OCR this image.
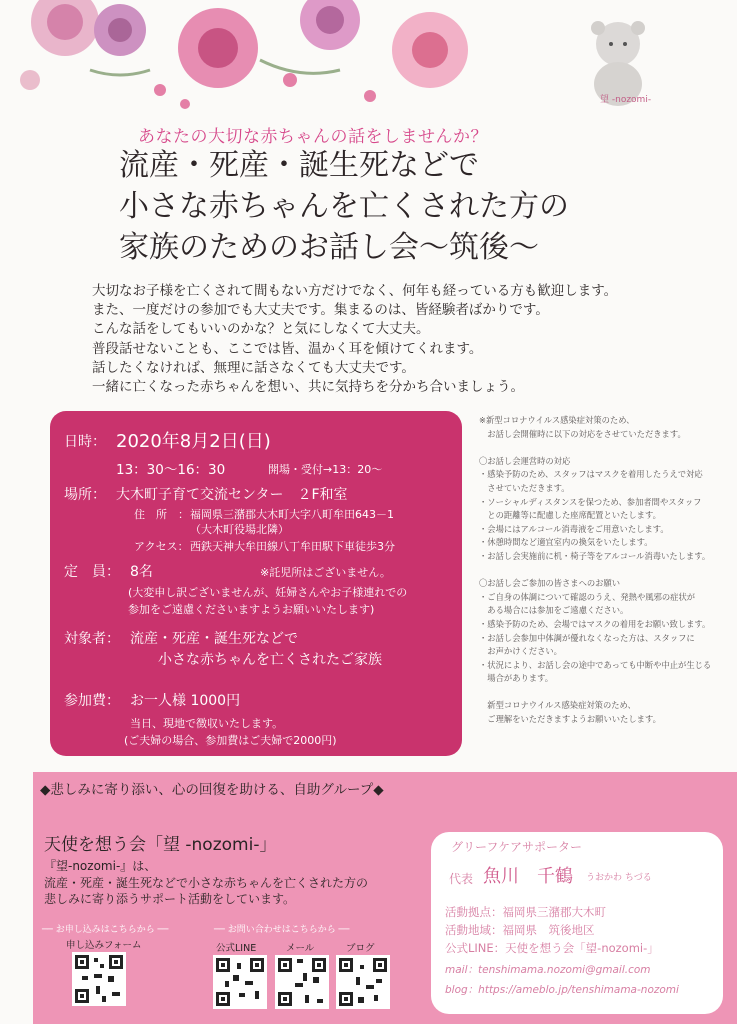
望 -nozomi-
あなたの大切な赤ちゃんの話をしませんか？
流産・死産・誕生死などで
小さな赤ちゃんを亡くされた方の
家族のためのお話し会〜筑後〜
大切なお子様を亡くされて間もない方だけでなく、何年も経っている方も歓迎します。
また、一度だけの参加でも大丈夫です。集まるのは、皆経験者ばかりです。
こんな話をしてもいいのかな？と気にしなくて大丈夫。
普段話せないことも、ここでは皆、温かく耳を傾けてくれます。
話したくなければ、無理に話さなくても大丈夫です。
一緒に亡くなった赤ちゃんを想い、共に気持ちを分かち合いましょう。
日時： 2020年8月2日(日)
13：30〜16：30	開場・受付→13：20〜
場所： 大木町子育て交流センター　２F和室
住　所　： 福岡県三潴郡大木町大字八町牟田643－1
（大木町役場北隣）
アクセス： 西鉄天神大牟田線八丁牟田駅下車徒歩3分
定　員： 8名	※託児所はございません。
(大変申し訳ございませんが、妊婦さんやお子様連れでの
参加をご遠慮くださいますようお願いいたします)
対象者： 流産・死産・誕生死などで
小さな赤ちゃんを亡くされたご家族
参加費： お一人様 1000円
当日、現地で徴収いたします。
(ご夫婦の場合、参加費はご夫婦で2000円)
※新型コロナウイルス感染症対策のため、
　お話し会開催時に以下の対応をさせていただきます。

〇お話し会運営時の対応
・感染予防のため、スタッフはマスクを着用したうえで対応
　させていただきます。
・ソーシャルディスタンスを保つため、参加者間やスタッフ
　との距離等に配慮した座席配置といたします。
・会場にはアルコール消毒液をご用意いたします。
・休憩時間など適宜室内の換気をいたします。
・お話し会実施前に机・椅子等をアルコール消毒いたします。
〇お話し会ご参加の皆さまへのお願い
・ご自身の体調について確認のうえ、発熱や風邪の症状が
　ある場合には参加をご遠慮ください。
・感染予防のため、会場ではマスクの着用をお願い致します。
・お話し会参加中体調が優れなくなった方は、スタッフに
　お声かけください。
・状況により、お話し会の途中であっても中断や中止が生じる
　場合があります。
　新型コロナウイルス感染症対策のため、
　ご理解をいただきますようお願いいたします。
◆悲しみに寄り添い、心の回復を助ける、自助グループ◆
天使を想う会「望 -nozomi-」
『望-nozomi-』は、
流産・死産・誕生死などで小さな赤ちゃんを亡くされた方の
悲しみに寄り添うサポート活動をしています。
── お申し込みはこちらから ──
申し込みフォーム
── お問い合わせはこちらから ──
公式LINE	メール	ブログ
グリーフケアサポーター
代表 魚川　千鶴 うおかわ ちづる
活動拠点：福岡県三潴郡大木町
活動地域：福岡県　筑後地区
公式LINE：天使を想う会「望-nozomi-」
mail：tenshimama.nozomi@gmail.com
blog：https://ameblo.jp/tenshimama-nozomi
